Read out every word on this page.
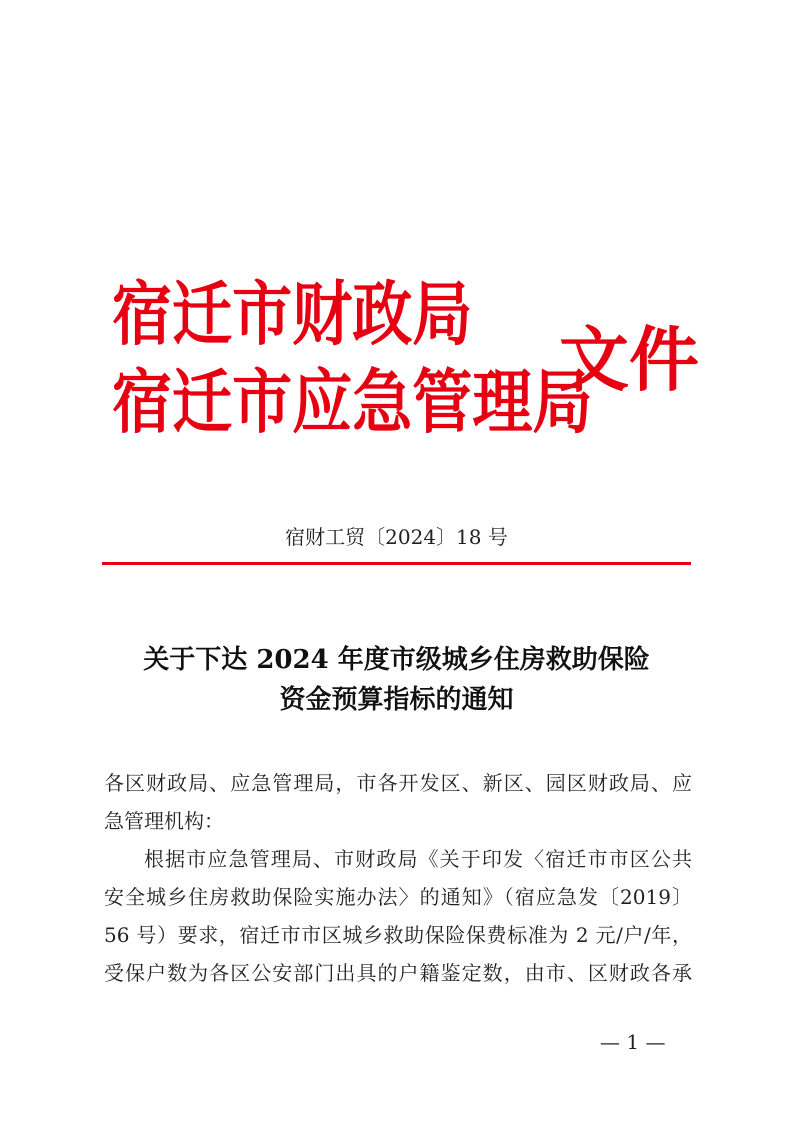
宿迁市财政局
宿迁市应急管理局
文件
宿财工贸〔2024〕18 号
关于下达 2024 年度市级城乡住房救助保险
资金预算指标的通知
各区财政局、应急管理局，市各开发区、新区、园区财政局、应
急管理机构：
根据市应急管理局、市财政局《关于印发〈宿迁市市区公共
安全城乡住房救助保险实施办法〉的通知》（宿应急发〔2019〕
56 号）要求，宿迁市市区城乡救助保险保费标准为 2 元/户/年，
受保户数为各区公安部门出具的户籍鉴定数，由市、区财政各承
— 1 —
